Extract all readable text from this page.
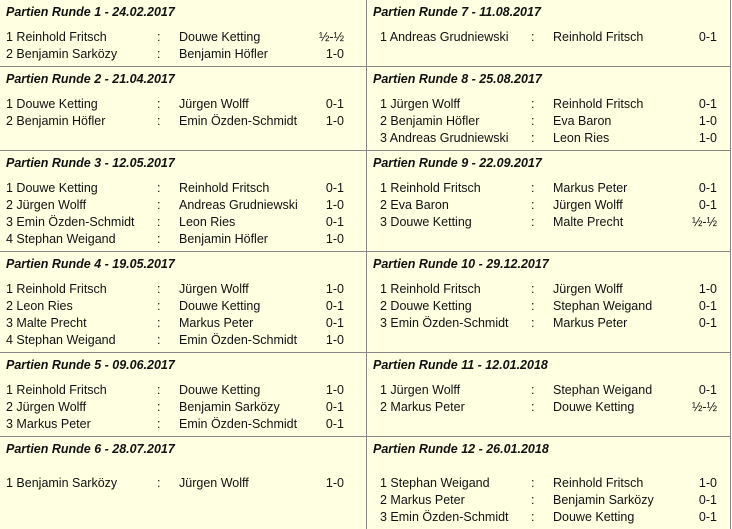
Partien Runde 1 - 24.02.2017
1 Reinhold Fritsch	: Douwe Ketting	½-½
2 Benjamin Sarközy	: Benjamin Höfler	1-0
Partien Runde 2 - 21.04.2017
1 Douwe Ketting	: Jürgen Wolff	0-1
2 Benjamin Höfler	: Emin Özden-Schmidt 1-0
Partien Runde 3 - 12.05.2017
1 Douwe Ketting	: Reinhold Fritsch	0-1
2 Jürgen Wolff	: Andreas Grudniewski 1-0
3 Emin Özden-Schmidt : Leon Ries	0-1
4 Stephan Weigand	: Benjamin Höfler	1-0
Partien Runde 4 - 19.05.2017
1 Reinhold Fritsch	: Jürgen Wolff	1-0
2 Leon Ries	: Douwe Ketting	0-1
3 Malte Precht	: Markus Peter	0-1
4 Stephan Weigand	: Emin Özden-Schmidt 1-0
Partien Runde 5 - 09.06.2017
1 Reinhold Fritsch	: Douwe Ketting	1-0
2 Jürgen Wolff	: Benjamin Sarközy	0-1
3 Markus Peter	: Emin Özden-Schmidt 0-1
Partien Runde 6 - 28.07.2017
1 Benjamin Sarközy	: Jürgen Wolff	1-0
Partien Runde 7 - 11.08.2017
1 Andreas Grudniewski : Reinhold Fritsch	0-1
Partien Runde 8 - 25.08.2017
1 Jürgen Wolff	: Reinhold Fritsch	0-1
2 Benjamin Höfler	: Eva Baron	1-0
3 Andreas Grudniewski : Leon Ries	1-0
Partien Runde 9 - 22.09.2017
1 Reinhold Fritsch	: Markus Peter	0-1
2 Eva Baron	: Jürgen Wolff	0-1
3 Douwe Ketting	: Malte Precht	½-½
Partien Runde 10 - 29.12.2017
1 Reinhold Fritsch	: Jürgen Wolff	1-0
2 Douwe Ketting	: Stephan Weigand	0-1
3 Emin Özden-Schmidt : Markus Peter	0-1
Partien Runde 11 - 12.01.2018
1 Jürgen Wolff	: Stephan Weigand	0-1
2 Markus Peter	: Douwe Ketting	½-½
Partien Runde 12 - 26.01.2018
1 Stephan Weigand	: Reinhold Fritsch	1-0
2 Markus Peter	: Benjamin Sarközy	0-1
3 Emin Özden-Schmidt : Douwe Ketting	0-1
